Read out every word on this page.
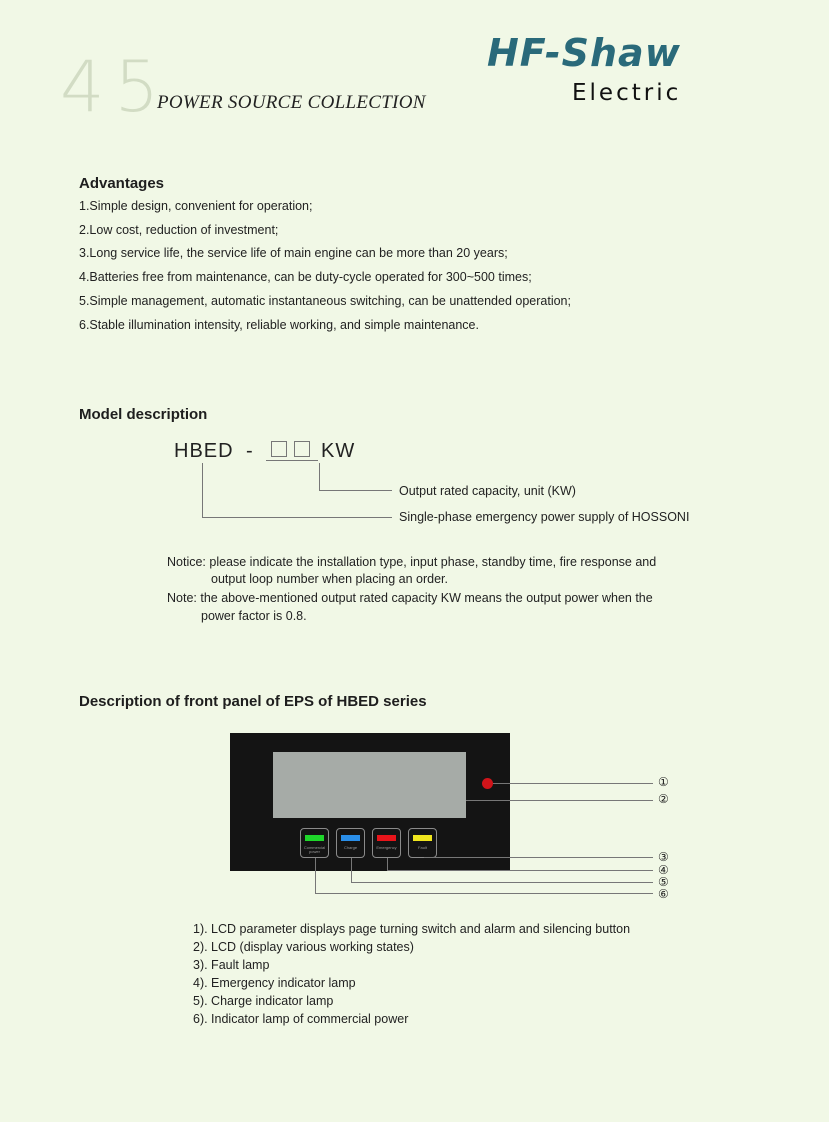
45
POWER SOURCE COLLECTION
HF-Shaw
Electric
Advantages
1.Simple design, convenient for operation;
2.Low cost, reduction of investment;
3.Long service life, the service life of main engine can be more than 20 years;
4.Batteries free from maintenance, can be duty-cycle operated for 300~500 times;
5.Simple management, automatic instantaneous switching, can be unattended operation;
6.Stable illumination intensity, reliable working, and simple maintenance.
Model description
HBED -	KW
Output rated capacity, unit (KW)
Single-phase emergency power supply of HOSSONI
Notice: please indicate the installation type, input phase, standby time, fire response and
output loop number when placing an order.
Note: the above-mentioned output rated capacity KW means the output power when the
power factor is 0.8.
Description of front panel of EPS of HBED series
Commercial power
Charge	Emergency	Fault
①
②
③
④
⑤
⑥
1). LCD parameter displays page turning switch and alarm and silencing button
2). LCD (display various working states)
3). Fault lamp
4). Emergency indicator lamp
5). Charge indicator lamp
6). Indicator lamp of commercial power
